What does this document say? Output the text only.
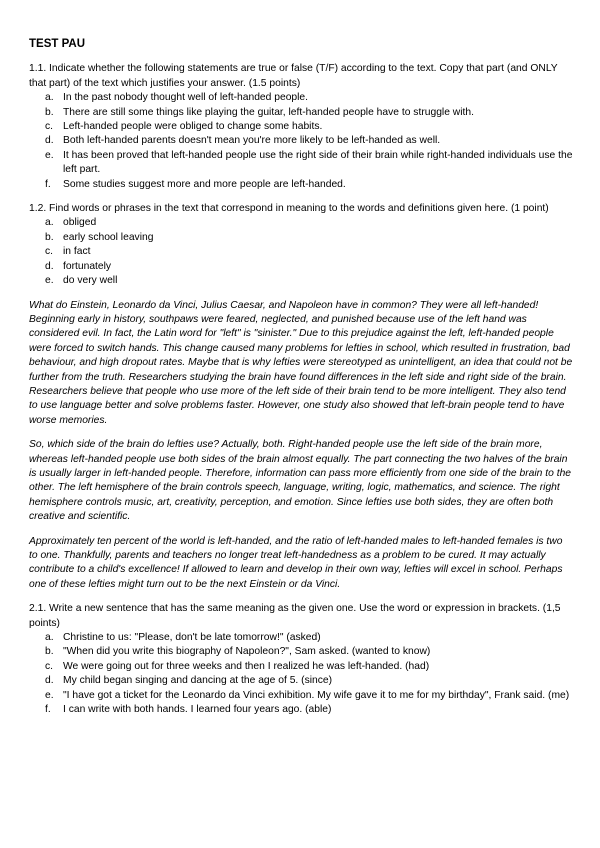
TEST PAU

1.1. Indicate whether the following statements are true or false (T/F) according to the text. Copy that part (and ONLY that part) of the text which justifies your answer. (1.5 points)

a. In the past nobody thought well of left-handed people.
b. There are still some things like playing the guitar, left-handed people have to struggle with.
c. Left-handed people were obliged to change some habits.
d. Both left-handed parents doesn't mean you're more likely to be left-handed as well.
e. It has been proved that left-handed people use the right side of their brain while right-handed individuals use the left part.
f. Some studies suggest more and more people are left-handed.

1.2. Find words or phrases in the text that correspond in meaning to the words and definitions given here. (1 point)

a. obliged
b. early school leaving
c. in fact
d. fortunately
e. do very well

What do Einstein, Leonardo da Vinci, Julius Caesar, and Napoleon have in common? They were all left-handed! Beginning early in history, southpaws were feared, neglected, and punished because use of the left hand was considered evil. In fact, the Latin word for "left" is "sinister." Due to this prejudice against the left, left-handed people were forced to switch hands. This change caused many problems for lefties in school, which resulted in frustration, bad behaviour, and high dropout rates. Maybe that is why lefties were stereotyped as unintelligent, an idea that could not be further from the truth. Researchers studying the brain have found differences in the left side and right side of the brain. Researchers believe that people who use more of the left side of their brain tend to be more intelligent. They also tend to use language better and solve problems faster. However, one study also showed that left-brain people tend to have worse memories.

So, which side of the brain do lefties use? Actually, both. Right-handed people use the left side of the brain more, whereas left-handed people use both sides of the brain almost equally. The part connecting the two halves of the brain is usually larger in left-handed people. Therefore, information can pass more efficiently from one side of the brain to the other. The left hemisphere of the brain controls speech, language, writing, logic, mathematics, and science. The right hemisphere controls music, art, creativity, perception, and emotion. Since lefties use both sides, they are often both creative and scientific.

Approximately ten percent of the world is left-handed, and the ratio of left-handed males to left-handed females is two to one. Thankfully, parents and teachers no longer treat left-handedness as a problem to be cured. It may actually contribute to a child's excellence! If allowed to learn and develop in their own way, lefties will excel in school. Perhaps one of these lefties might turn out to be the next Einstein or da Vinci.

2.1. Write a new sentence that has the same meaning as the given one. Use the word or expression in brackets. (1,5 points)

a. Christine to us: "Please, don't be late tomorrow!" (asked)
b. "When did you write this biography of Napoleon?", Sam asked. (wanted to know)
c. We were going out for three weeks and then I realized he was left-handed. (had)
d. My child began singing and dancing at the age of 5. (since)
e. "I have got a ticket for the Leonardo da Vinci exhibition. My wife gave it to me for my birthday", Frank said. (me)
f. I can write with both hands. I learned four years ago. (able)
